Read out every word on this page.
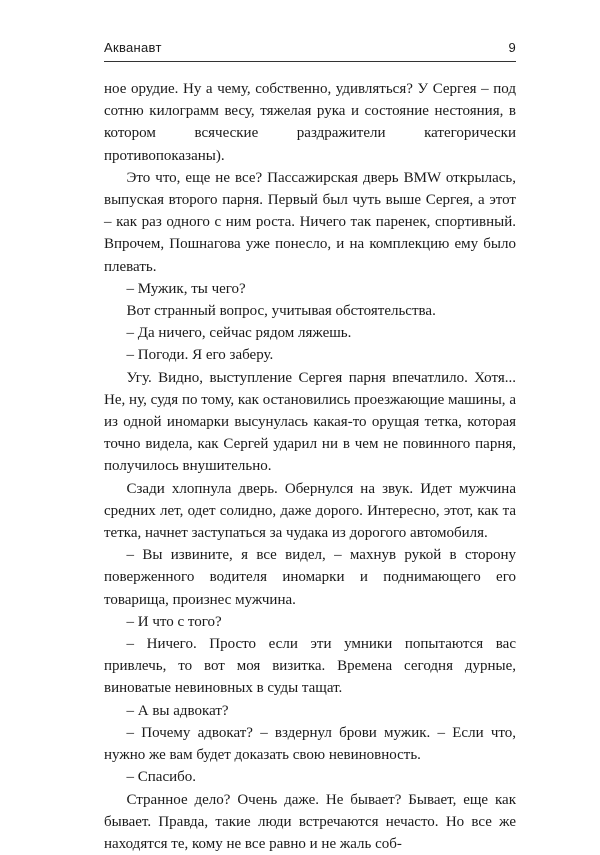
Акванавт	9

ное орудие. Ну а чему, собственно, удивляться? У Сергея – под сотню килограмм весу, тяжелая рука и состояние нестояния, в котором всяческие раздражители категорически противопоказаны).

Это что, еще не все? Пассажирская дверь BMW открылась, выпуская второго парня. Первый был чуть выше Сергея, а этот – как раз одного с ним роста. Ничего так паренек, спортивный. Впрочем, Пошнагова уже понесло, и на комплекцию ему было плевать.

– Мужик, ты чего?

Вот странный вопрос, учитывая обстоятельства.

– Да ничего, сейчас рядом ляжешь.

– Погоди. Я его заберу.

Угу. Видно, выступление Сергея парня впечатлило. Хотя... Не, ну, судя по тому, как остановились проезжающие машины, а из одной иномарки высунулась какая-то орущая тетка, которая точно видела, как Сергей ударил ни в чем не повинного парня, получилось внушительно.

Сзади хлопнула дверь. Обернулся на звук. Идет мужчина средних лет, одет солидно, даже дорого. Интересно, этот, как та тетка, начнет заступаться за чудака из дорогого автомобиля.

– Вы извините, я все видел, – махнув рукой в сторону поверженного водителя иномарки и поднимающего его товарища, произнес мужчина.

– И что с того?

– Ничего. Просто если эти умники попытаются вас привлечь, то вот моя визитка. Времена сегодня дурные, виноватые невиновных в суды тащат.

– А вы адвокат?

– Почему адвокат? – вздернул брови мужик. – Если что, нужно же вам будет доказать свою невиновность.

– Спасибо.

Странное дело? Очень даже. Не бывает? Бывает, еще как бывает. Правда, такие люди встречаются нечасто. Но все же находятся те, кому не все равно и не жаль соб-
